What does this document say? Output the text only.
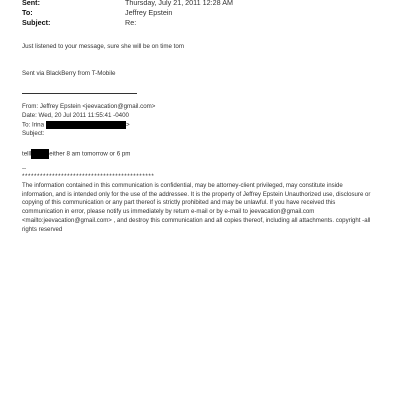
Sent:	Thursday, July 21, 2011 12:28 AM
To:	Jeffrey Epstein
Subject:	Re:
Just listened to your message, sure she will be on time tom
Sent via BlackBerry from T-Mobile
From: Jeffrey Epstein <jeevacation@gmail.com>
Date: Wed, 20 Jul 2011 11:55:41 -0400
To: Irina	>
Subject:
telll	either 8 am tomorrow or 6 pm
--
********************************************
The information contained in this communication is confidential, may be attorney-client privileged, may constitute inside information, and is intended only for the use of the addressee. It is the property of Jeffrey Epstein Unauthorized use, disclosure or copying of this communication or any part thereof is strictly prohibited and may be unlawful. If you have received this communication in error, please notify us immediately by return e-mail or by e-mail to jeevacation@gmail.com <mailto:jeevacation@gmail.com> , and destroy this communication and all copies thereof, including all attachments. copyright -all rights reserved
